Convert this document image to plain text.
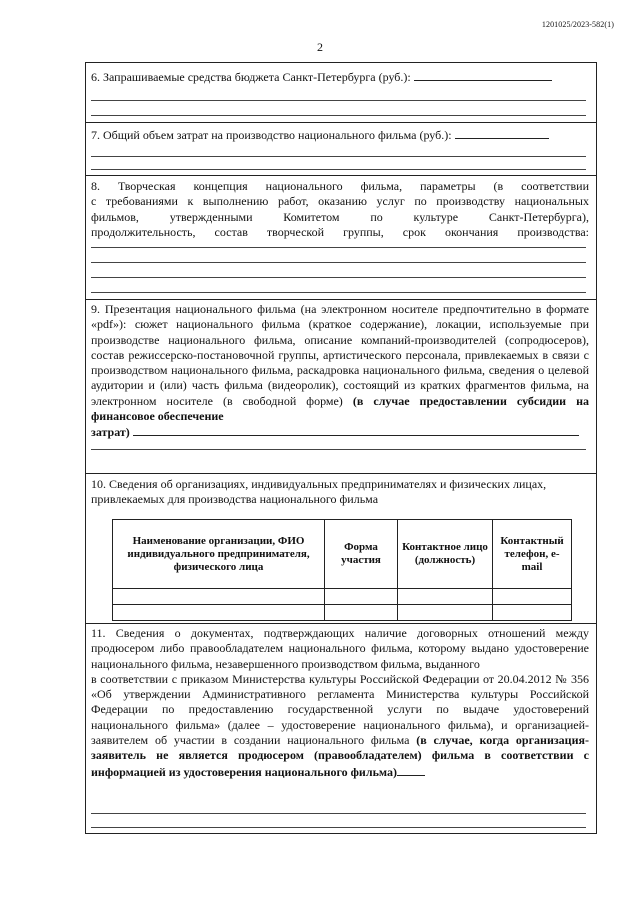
1201025/2023-582(1)
2
6. Запрашиваемые средства бюджета Санкт-Петербурга (руб.):
7. Общий объем затрат на производство национального фильма (руб.):
8. Творческая концепция национального фильма, параметры (в соответствии
с требованиями к выполнению работ, оказанию услуг по производству национальных
фильмов, утвержденными Комитетом по культуре Санкт-Петербурга),
продолжительность, состав творческой группы, срок окончания производства:
9. Презентация национального фильма (на электронном носителе предпочтительно в формате «pdf»): сюжет национального фильма (краткое содержание), локации, используемые при производстве национального фильма, описание компаний-производителей (сопродюсеров), состав режиссерско-постановочной группы, артистического персонала, привлекаемых в связи с производством национального фильма, раскадровка национального фильма, сведения о целевой аудитории и (или) часть фильма (видеоролик), состоящий из кратких фрагментов фильма, на электронном носителе (в свободной форме) (в случае предоставлении субсидии на финансовое обеспечение
затрат)
10. Сведения об организациях, индивидуальных предпринимателях и физических лицах, привлекаемых для производства национального фильма
Наименование организации, ФИО индивидуального предпринимателя, физического лица	Форма участия	Контактное лицо (должность)	Контактный телефон, e-mail

11. Сведения о документах, подтверждающих наличие договорных отношений между продюсером либо правообладателем национального фильма, которому выдано удостоверение национального фильма, незавершенного производством фильма, выданного
в соответствии с приказом Министерства культуры Российской Федерации от 20.04.2012 № 356 «Об утверждении Административного регламента Министерства культуры Российской Федерации по предоставлению государственной услуги по выдаче удостоверений национального фильма» (далее – удостоверение национального фильма), и организацией-заявителем об участии в создании национального фильма (в случае, когда организация-заявитель не является продюсером (правообладателем) фильма в соответствии с информацией из удостоверения национального фильма)
